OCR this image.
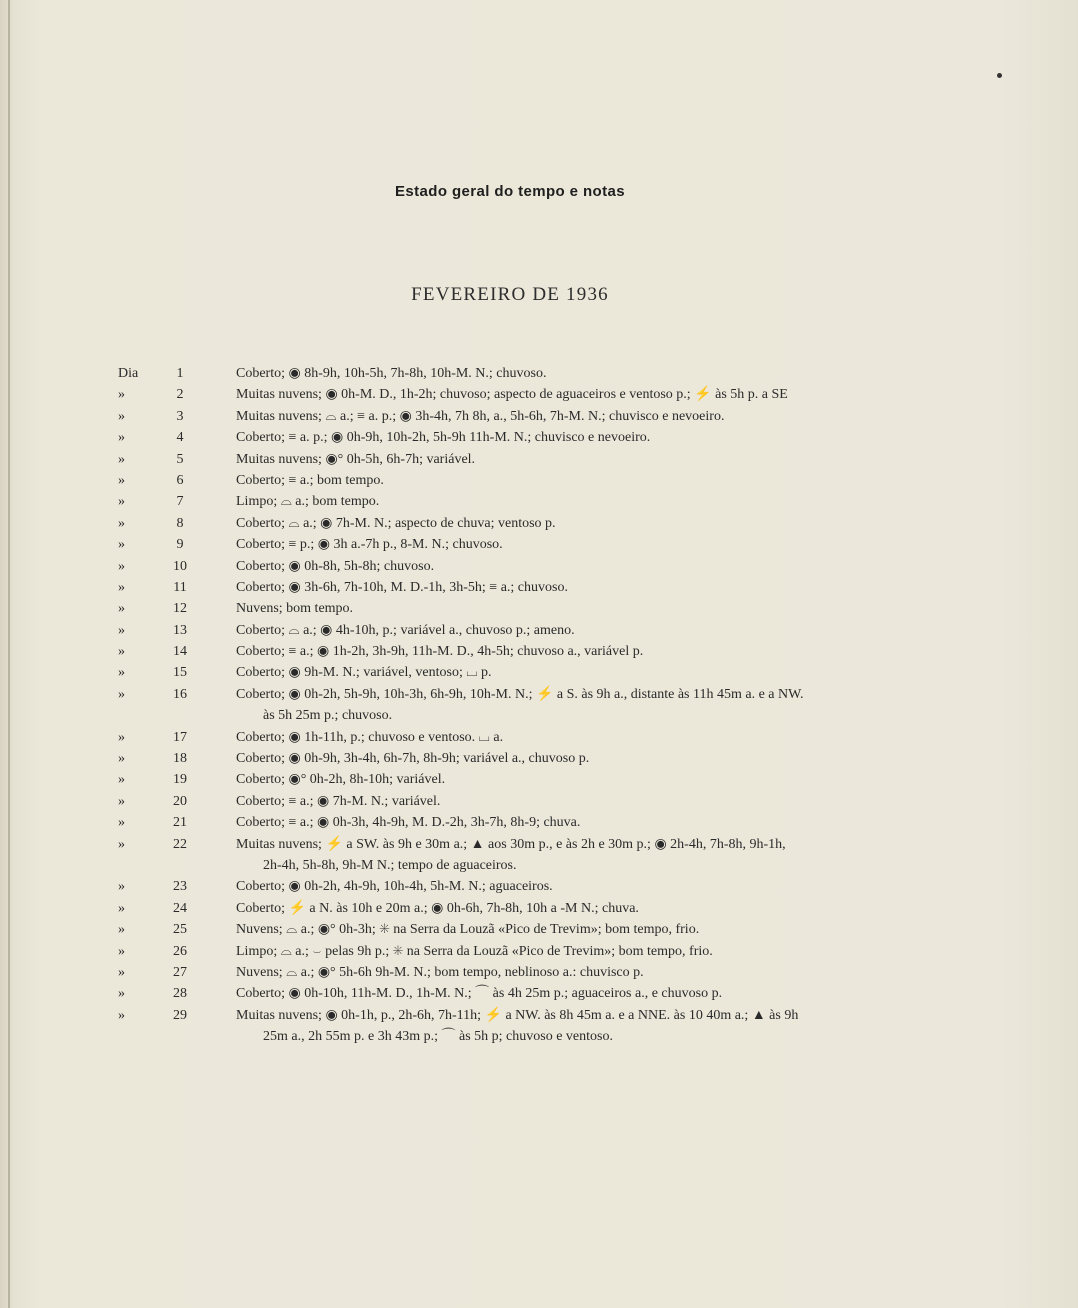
Estado geral do tempo e notas
FEVEREIRO DE 1936
Dia	1	Coberto; ◉ 8h-9h, 10h-5h, 7h-8h, 10h-M. N.; chuvoso.
»	2	Muitas nuvens; ◉ 0h-M. D., 1h-2h; chuvoso; aspecto de aguaceiros e ventoso p.; ⚡ às 5h p. a SE
»	3	Muitas nuvens; ⌓ a.; ≡ a. p.; ◉ 3h-4h, 7h 8h, a., 5h-6h, 7h-M. N.; chuvisco e nevoeiro.
»	4	Coberto; ≡ a. p.; ◉ 0h-9h, 10h-2h, 5h-9h 11h-M. N.; chuvisco e nevoeiro.
»	5	Muitas nuvens; ◉° 0h-5h, 6h-7h; variável.
»	6	Coberto; ≡ a.; bom tempo.
»	7	Limpo; ⌓ a.; bom tempo.
»	8	Coberto; ⌓ a.; ◉ 7h-M. N.; aspecto de chuva; ventoso p.
»	9	Coberto; ≡ p.; ◉ 3h a.-7h p., 8-M. N.; chuvoso.
»	10	Coberto; ◉ 0h-8h, 5h-8h; chuvoso.
»	11	Coberto; ◉ 3h-6h, 7h-10h, M. D.-1h, 3h-5h; ≡ a.; chuvoso.
»	12	Nuvens; bom tempo.
»	13	Coberto; ⌓ a.; ◉ 4h-10h, p.; variável a., chuvoso p.; ameno.
»	14	Coberto; ≡ a.; ◉ 1h-2h, 3h-9h, 11h-M. D., 4h-5h; chuvoso a., variável p.
»	15	Coberto; ◉ 9h-M. N.; variável, ventoso; ⌴ p.
»	16	Coberto; ◉ 0h-2h, 5h-9h, 10h-3h, 6h-9h, 10h-M. N.; ⚡ a S. às 9h a., distante às 11h 45m a. e a NW.
às 5h 25m p.; chuvoso.
»	17	Coberto; ◉ 1h-11h, p.; chuvoso e ventoso. ⌴ a.
»	18	Coberto; ◉ 0h-9h, 3h-4h, 6h-7h, 8h-9h; variável a., chuvoso p.
»	19	Coberto; ◉° 0h-2h, 8h-10h; variável.
»	20	Coberto; ≡ a.; ◉ 7h-M. N.; variável.
»	21	Coberto; ≡ a.; ◉ 0h-3h, 4h-9h, M. D.-2h, 3h-7h, 8h-9; chuva.
»	22	Muitas nuvens; ⚡ a SW. às 9h e 30m a.; ▲ aos 30m p., e às 2h e 30m p.; ◉ 2h-4h, 7h-8h, 9h-1h,
2h-4h, 5h-8h, 9h-M N.; tempo de aguaceiros.
»	23	Coberto; ◉ 0h-2h, 4h-9h, 10h-4h, 5h-M. N.; aguaceiros.
»	24	Coberto; ⚡ a N. às 10h e 20m a.; ◉ 0h-6h, 7h-8h, 10h a -M N.; chuva.
»	25	Nuvens; ⌓ a.; ◉° 0h-3h; ✳ na Serra da Louzã «Pico de Trevim»; bom tempo, frio.
»	26	Limpo; ⌓ a.; ⌣ pelas 9h p.; ✳ na Serra da Louzã «Pico de Trevim»; bom tempo, frio.
»	27	Nuvens; ⌓ a.; ◉° 5h-6h 9h-M. N.; bom tempo, neblinoso a.: chuvisco p.
»	28	Coberto; ◉ 0h-10h, 11h-M. D., 1h-M. N.; ⌒ às 4h 25m p.; aguaceiros a., e chuvoso p.
»	29	Muitas nuvens; ◉ 0h-1h, p., 2h-6h, 7h-11h; ⚡ a NW. às 8h 45m a. e a NNE. às 10 40m a.; ▲ às 9h
25m a., 2h 55m p. e 3h 43m p.; ⌒ às 5h p; chuvoso e ventoso.
